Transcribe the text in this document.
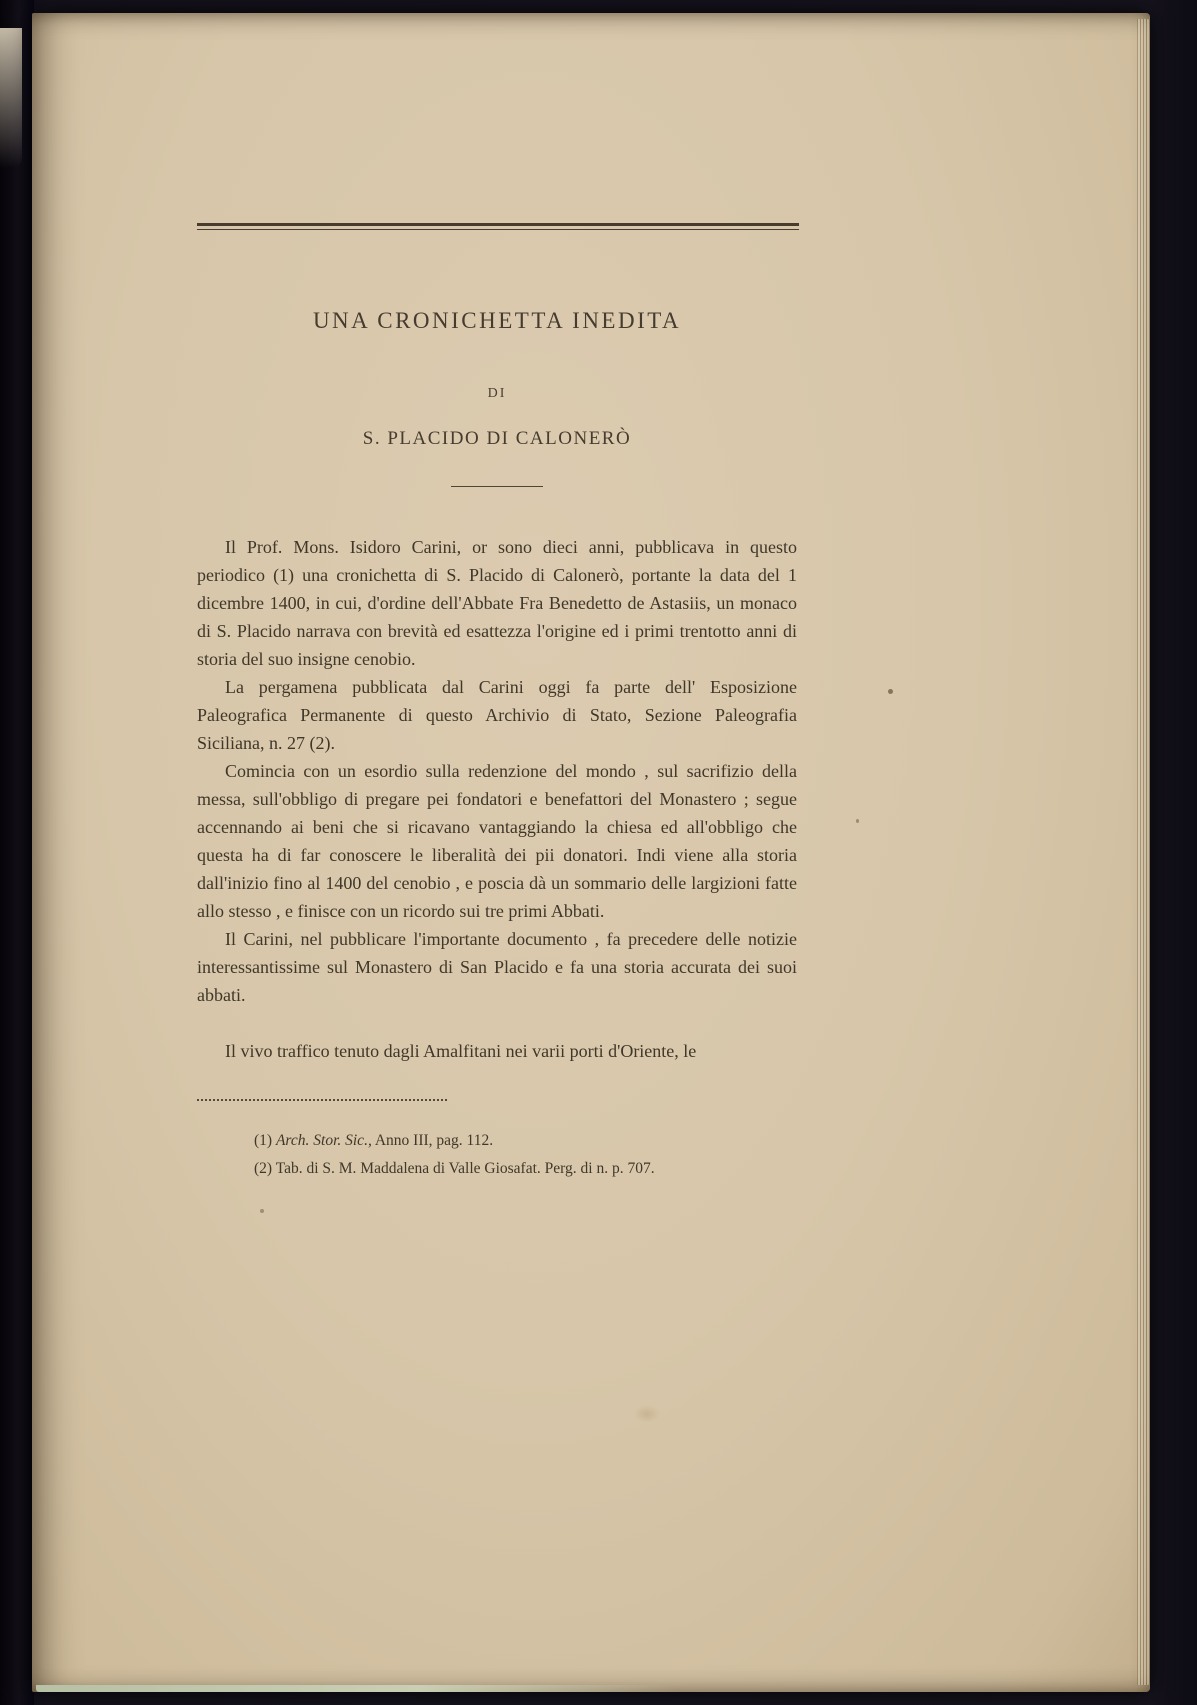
UNA CRONICHETTA INEDITA
DI
S. PLACIDO DI CALONERÒ

Il Prof. Mons. Isidoro Carini, or sono dieci anni, pubblicava in questo periodico (1) una cronichetta di S. Placido di Calonerò, portante la data del 1 dicembre 1400, in cui, d'ordine dell'Abbate Fra Benedetto de Astasiis, un monaco di S. Placido narrava con brevità ed esattezza l'origine ed i primi trentotto anni di storia del suo insigne cenobio.

La pergamena pubblicata dal Carini oggi fa parte dell' Esposizione Paleografica Permanente di questo Archivio di Stato, Sezione Paleografia Siciliana, n. 27 (2).

Comincia con un esordio sulla redenzione del mondo , sul sacrifizio della messa, sull'obbligo di pregare pei fondatori e benefattori del Monastero ; segue accennando ai beni che si ricavano vantaggiando la chiesa ed all'obbligo che questa ha di far conoscere le liberalità dei pii donatori. Indi viene alla storia dall'inizio fino al 1400 del cenobio , e poscia dà un sommario delle largizioni fatte allo stesso , e finisce con un ricordo sui tre primi Abbati.

Il Carini, nel pubblicare l'importante documento , fa precedere delle notizie interessantissime sul Monastero di San Placido e fa una storia accurata dei suoi abbati.

Il vivo traffico tenuto dagli Amalfitani nei varii porti d'Oriente, le

(1) Arch. Stor. Sic., Anno III, pag. 112.

(2) Tab. di S. M. Maddalena di Valle Giosafat. Perg. di n. p. 707.
